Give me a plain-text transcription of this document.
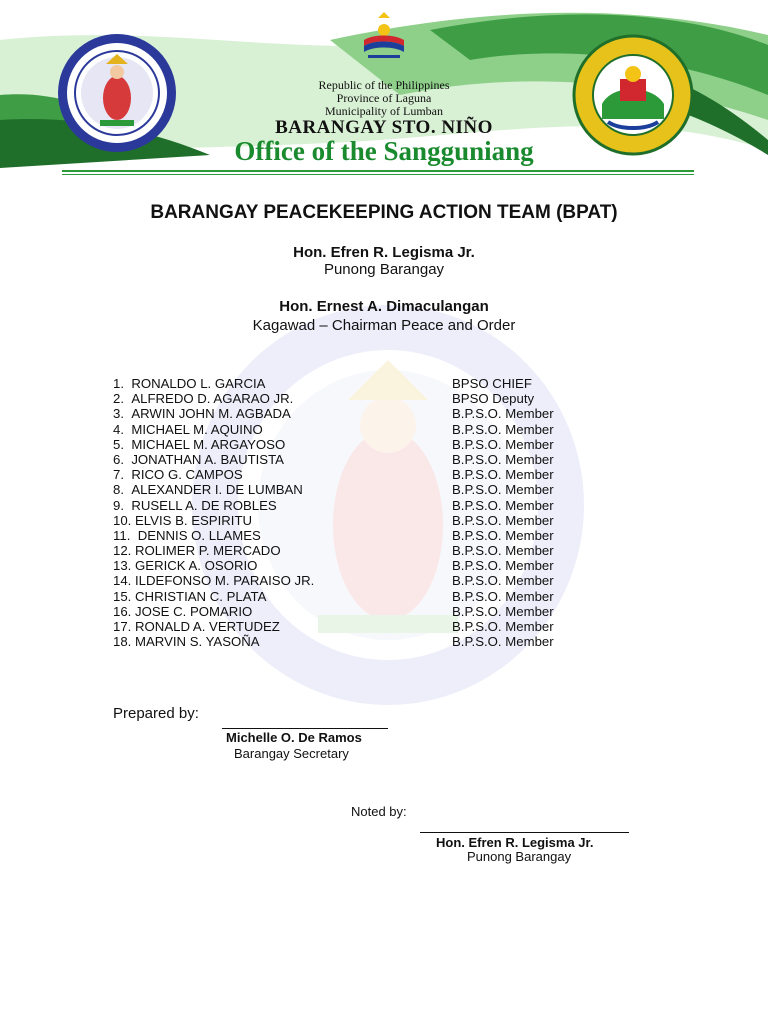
Republic of the Philippines
Province of Laguna
Municipality of Lumban
BARANGAY STO. NIÑO
Office of the Sangguniang
BARANGAY PEACEKEEPING ACTION TEAM (BPAT)
Hon. Efren R. Legisma Jr.
Punong Barangay
Hon. Ernest A. Dimaculangan
Kagawad – Chairman Peace and Order
1. RONALDO L. GARCIA	BPSO CHIEF
2. ALFREDO D. AGARAO JR.	BPSO Deputy
3. ARWIN JOHN M. AGBADA	B.P.S.O. Member
4. MICHAEL M. AQUINO	B.P.S.O. Member
5. MICHAEL M. ARGAYOSO	B.P.S.O. Member
6. JONATHAN A. BAUTISTA	B.P.S.O. Member
7. RICO G. CAMPOS	B.P.S.O. Member
8. ALEXANDER I. DE LUMBAN	B.P.S.O. Member
9. RUSELL A. DE ROBLES	B.P.S.O. Member
10. ELVIS B. ESPIRITU	B.P.S.O. Member
11. DENNIS O. LLAMES	B.P.S.O. Member
12. ROLIMER P. MERCADO	B.P.S.O. Member
13. GERICK A. OSORIO	B.P.S.O. Member
14. ILDEFONSO M. PARAISO JR.	B.P.S.O. Member
15. CHRISTIAN C. PLATA	B.P.S.O. Member
16. JOSE C. POMARIO	B.P.S.O. Member
17. RONALD A. VERTUDEZ	B.P.S.O. Member
18. MARVIN S. YASOÑA	B.P.S.O. Member
Prepared by:
Michelle O. De Ramos
Barangay Secretary
Noted by:
Hon. Efren R. Legisma Jr.
Punong Barangay
